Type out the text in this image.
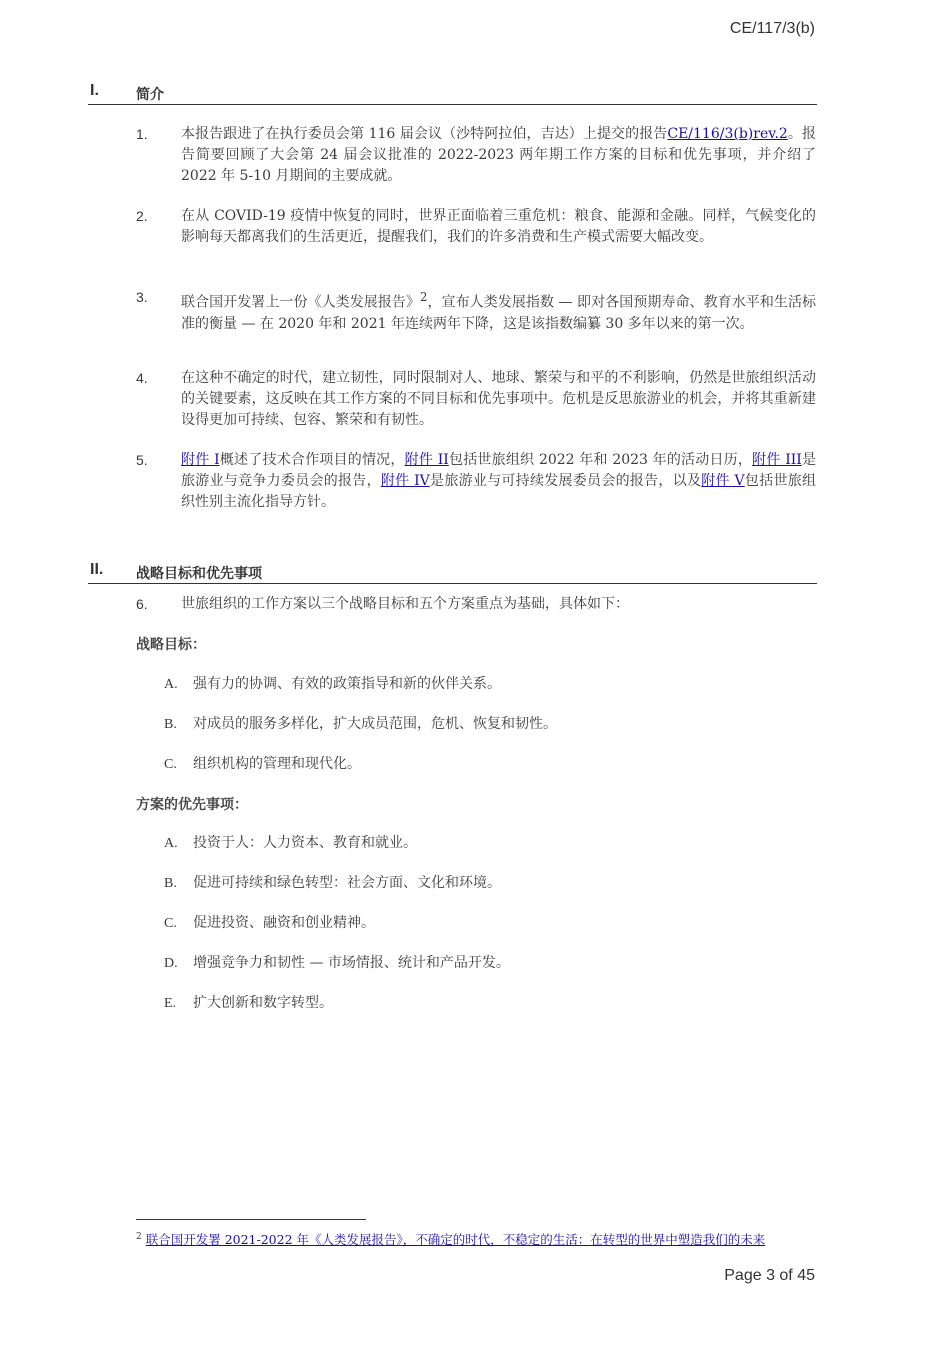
CE/117/3(b)
I.	简介
1. 本报告跟进了在执行委员会第 116 届会议（沙特阿拉伯，吉达）上提交的报告CE/116/3(b)rev.2。报告简要回顾了大会第 24 届会议批准的 2022-2023 两年期工作方案的目标和优先事项，并介绍了 2022 年 5-10 月期间的主要成就。
2. 在从 COVID-19 疫情中恢复的同时，世界正面临着三重危机：粮食、能源和金融。同样，气候变化的影响每天都离我们的生活更近，提醒我们，我们的许多消费和生产模式需要大幅改变。
3. 联合国开发署上一份《人类发展报告》$^2$，宣布人类发展指数 — 即对各国预期寿命、教育水平和生活标准的衡量 — 在 2020 年和 2021 年连续两年下降，这是该指数编纂 30 多年以来的第一次。
4. 在这种不确定的时代，建立韧性，同时限制对人、地球、繁荣与和平的不利影响，仍然是世旅组织活动的关键要素，这反映在其工作方案的不同目标和优先事项中。危机是反思旅游业的机会，并将其重新建设得更加可持续、包容、繁荣和有韧性。
5. 附件 I概述了技术合作项目的情况，附件 II包括世旅组织 2022 年和 2023 年的活动日历，附件 III是旅游业与竞争力委员会的报告，附件 IV是旅游业与可持续发展委员会的报告，以及附件 V包括世旅组织性别主流化指导方针。
II. 战略目标和优先事项
6. 世旅组织的工作方案以三个战略目标和五个方案重点为基础，具体如下：
战略目标：
A. 强有力的协调、有效的政策指导和新的伙伴关系。
B. 对成员的服务多样化，扩大成员范围，危机、恢复和韧性。
C. 组织机构的管理和现代化。
方案的优先事项：
A. 投资于人：人力资本、教育和就业。
B. 促进可持续和绿色转型：社会方面、文化和环境。
C. 促进投资、融资和创业精神。
D. 增强竞争力和韧性 — 市场情报、统计和产品开发。
E. 扩大创新和数字转型。
$^2$ 联合国开发署 2021-2022 年《人类发展报告》，不确定的时代，不稳定的生活：在转型的世界中塑造我们的未来
Page 3 of 45
